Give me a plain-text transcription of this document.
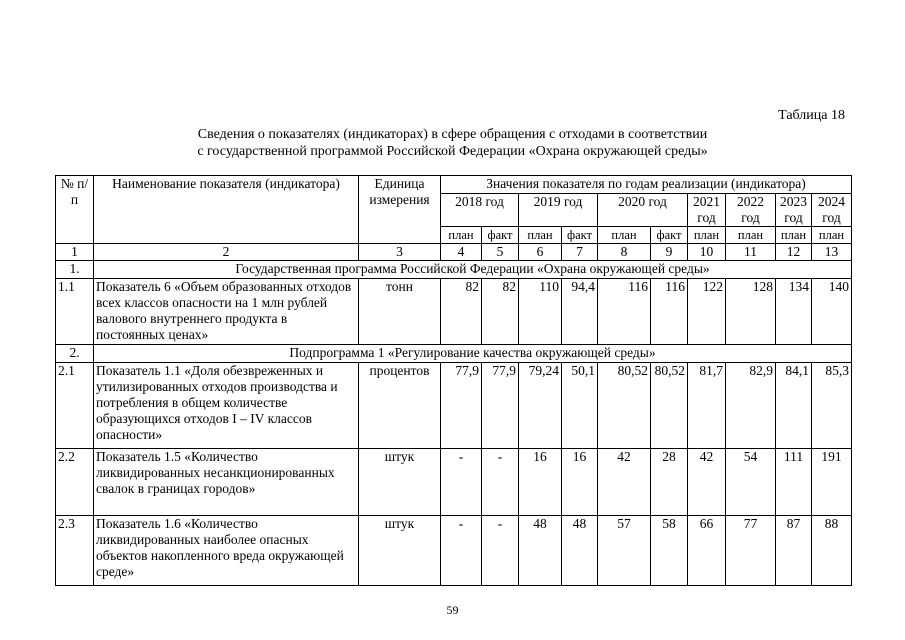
Таблица 18
Сведения о показателях (индикаторах) в сфере обращения с отходами в соответствии
с государственной программой Российской Федерации «Охрана окружающей среды»
№ п/п	Наименование показателя (индикатора)	Единица измерения	Значения показателя по годам реализации (индикатора)									
			2018 год		2019 год		2020 год		2021 год	2022 год	2023 год	2024 год
			план	факт	план	факт	план	факт	план	план	план	план
1	2	3	4	5	6	7	8	9	10	11	12	13
1.	Государственная программа Российской Федерации «Охрана окружающей среды»											
1.1	Показатель 6 «Объем образованных отходов всех классов опасности на 1 млн рублей валового внутреннего продукта в постоянных ценах»	тонн	82	82	110	94,4	116	116	122	128	134	140
2.	Подпрограмма 1 «Регулирование качества окружающей среды»											
2.1	Показатель 1.1 «Доля обезвреженных и утилизированных отходов производства и потребления в общем количестве образующихся отходов I – IV классов опасности»	процентов	77,9	77,9	79,24	50,1	80,52	80,52	81,7	82,9	84,1	85,3
2.2	Показатель 1.5 «Количество ликвидированных несанкционированных свалок в границах городов»	штук	-	-	16	16	42	28	42	54	111	191
2.3	Показатель 1.6 «Количество ликвидированных наиболее опасных объектов накопленного вреда окружающей среде»	штук	-	-	48	48	57	58	66	77	87	88
59
